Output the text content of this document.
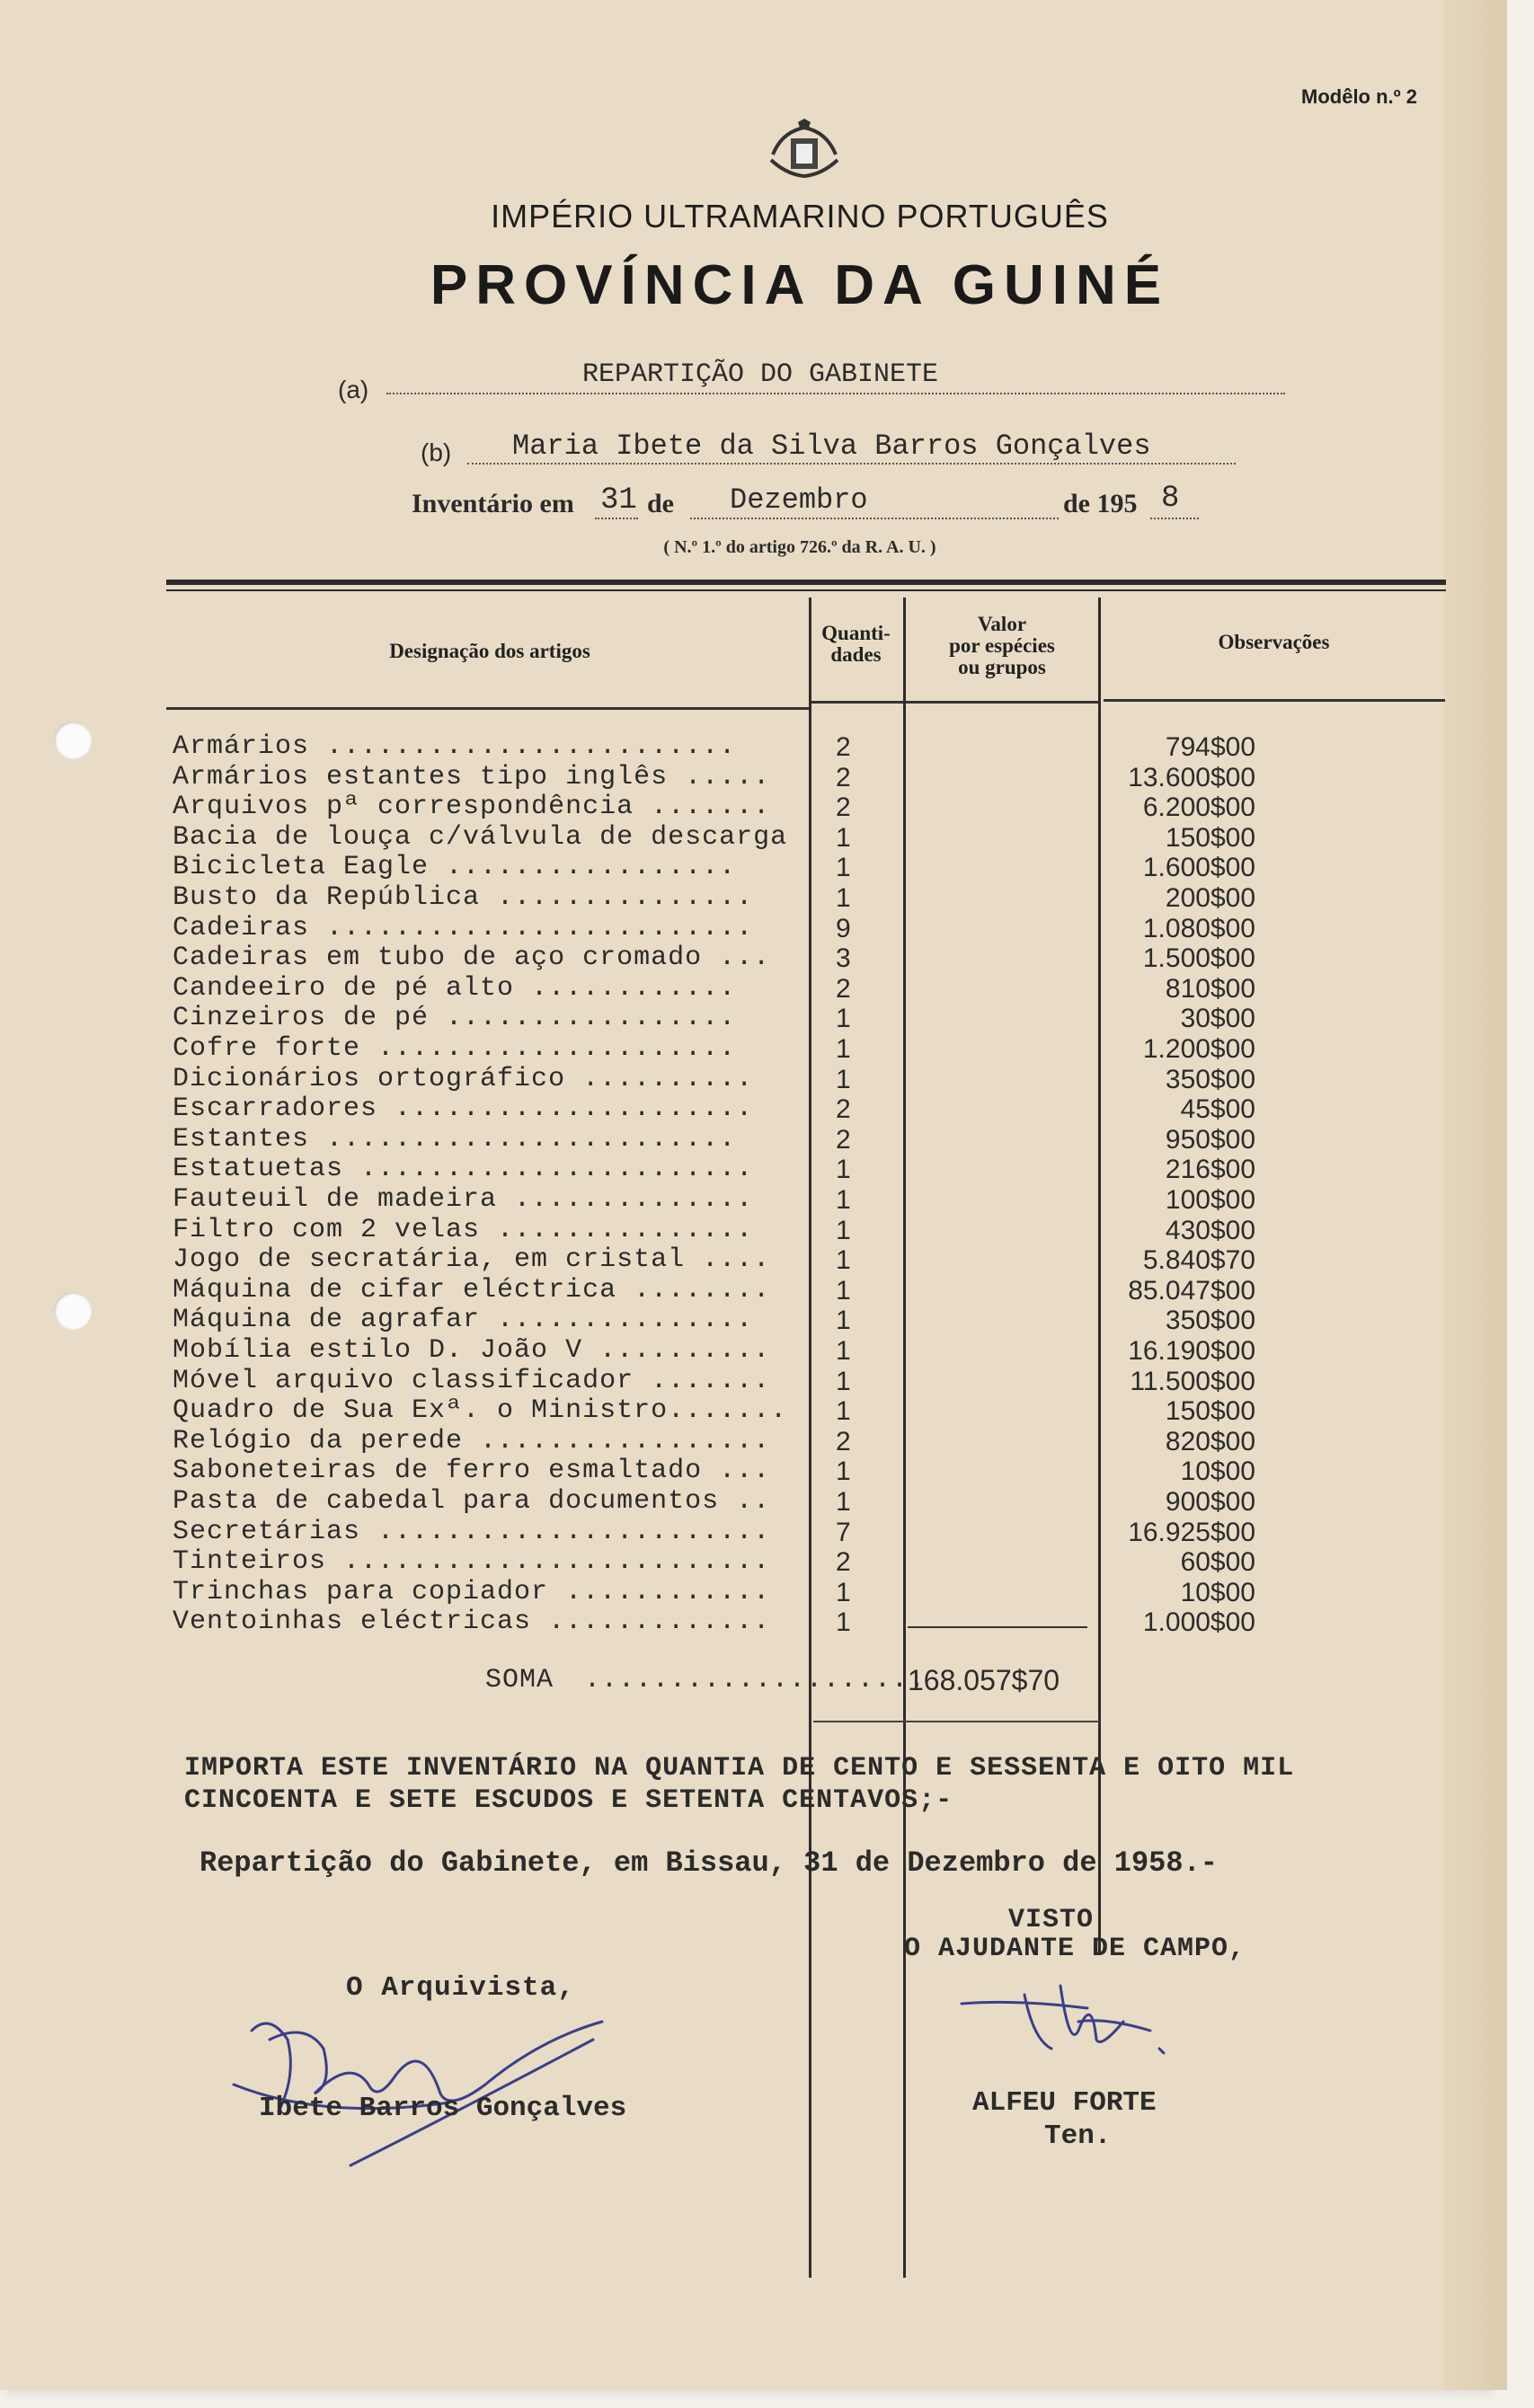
Modêlo n.º 2
IMPÉRIO ULTRAMARINO PORTUGUÊS
PROVÍNCIA DA GUINÉ
(a)	REPARTIÇÃO DO GABINETE
(b) Maria Ibete da Silva Barros Gonçalves
Inventário em 31 de Dezembro	de 195 8
( N.º 1.º do artigo 726.º da R. A. U. )
Designação dos artigos
Quanti-
dades
Valor
por espécies
ou grupos
Observações
Armários ........................	2	794$00
Armários estantes tipo inglês .....	2	13.600$00
Arquivos pª correspondência .......	2	6.200$00
Bacia de louça c/válvula de descarga	1	150$00
Bicicleta Eagle .................	1	1.600$00
Busto da República ...............	1	200$00
Cadeiras .........................	9	1.080$00
Cadeiras em tubo de aço cromado ...	3	1.500$00
Candeeiro de pé alto ............	2	810$00
Cinzeiros de pé .................	1	30$00
Cofre forte .....................	1	1.200$00
Dicionários ortográfico ..........	1	350$00
Escarradores .....................	2	45$00
Estantes ........................	2	950$00
Estatuetas .......................	1	216$00
Fauteuil de madeira ..............	1	100$00
Filtro com 2 velas ...............	1	430$00
Jogo de secratária, em cristal ....	1	5.840$70
Máquina de cifar eléctrica ........	1	85.047$00
Máquina de agrafar ...............	1	350$00
Mobília estilo D. João V ..........	1	16.190$00
Móvel arquivo classificador .......	1	11.500$00
Quadro de Sua Exª. o Ministro.......	1	150$00
Relógio da perede .................	2	820$00
Saboneteiras de ferro esmaltado ...	1	10$00
Pasta de cabedal para documentos ..	1	900$00
Secretárias .......................	7	16.925$00
Tinteiros .........................	2	60$00
Trinchas para copiador ............	1	10$00
Ventoinhas eléctricas .............	1	1.000$00
SOMA ....................
168.057$70
IMPORTA ESTE INVENTÁRIO NA QUANTIA DE CENTO E SESSENTA E OITO MIL
CINCOENTA E SETE ESCUDOS E SETENTA CENTAVOS;-
Repartição do Gabinete, em Bissau, 31 de Dezembro de 1958.-
VISTO
O AJUDANTE DE CAMPO,
O Arquivista,
Ibete Barros Gonçalves	ALFEU FORTE
Ten.
